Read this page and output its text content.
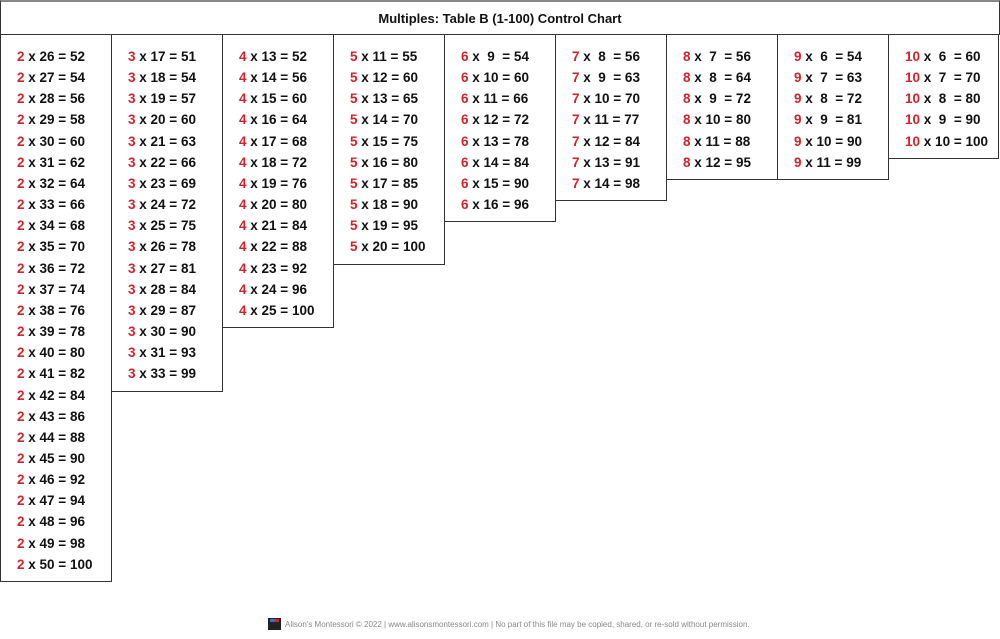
Multiples: Table B (1-100) Control Chart
2 x 26 = 52
2 x 27 = 54
2 x 28 = 56
2 x 29 = 58
2 x 30 = 60
2 x 31 = 62
2 x 32 = 64
2 x 33 = 66
2 x 34 = 68
2 x 35 = 70
2 x 36 = 72
2 x 37 = 74
2 x 38 = 76
2 x 39 = 78
2 x 40 = 80
2 x 41 = 82
2 x 42 = 84
2 x 43 = 86
2 x 44 = 88
2 x 45 = 90
2 x 46 = 92
2 x 47 = 94
2 x 48 = 96
2 x 49 = 98
2 x 50 = 100
3 x 17 = 51
3 x 18 = 54
3 x 19 = 57
3 x 20 = 60
3 x 21 = 63
3 x 22 = 66
3 x 23 = 69
3 x 24 = 72
3 x 25 = 75
3 x 26 = 78
3 x 27 = 81
3 x 28 = 84
3 x 29 = 87
3 x 30 = 90
3 x 31 = 93
3 x 33 = 99
4 x 13 = 52
4 x 14 = 56
4 x 15 = 60
4 x 16 = 64
4 x 17 = 68
4 x 18 = 72
4 x 19 = 76
4 x 20 = 80
4 x 21 = 84
4 x 22 = 88
4 x 23 = 92
4 x 24 = 96
4 x 25 = 100
5 x 11 = 55
5 x 12 = 60
5 x 13 = 65
5 x 14 = 70
5 x 15 = 75
5 x 16 = 80
5 x 17 = 85
5 x 18 = 90
5 x 19 = 95
5 x 20 = 100
6 x  9  = 54
6 x 10 = 60
6 x 11 = 66
6 x 12 = 72
6 x 13 = 78
6 x 14 = 84
6 x 15 = 90
6 x 16 = 96
7 x  8  = 56
7 x  9  = 63
7 x 10 = 70
7 x 11 = 77
7 x 12 = 84
7 x 13 = 91
7 x 14 = 98
8 x  7  = 56
8 x  8  = 64
8 x  9  = 72
8 x 10 = 80
8 x 11 = 88
8 x 12 = 95
9 x  6  = 54
9 x  7  = 63
9 x  8  = 72
9 x  9  = 81
9 x 10 = 90
9 x 11 = 99
10 x  6  = 60
10 x  7  = 70
10 x  8  = 80
10 x  9  = 90
10 x 10 = 100
Alison's Montessori © 2022 | www.alisonsmontessori.com | No part of this file may be copied, shared, or re-sold without permission.
